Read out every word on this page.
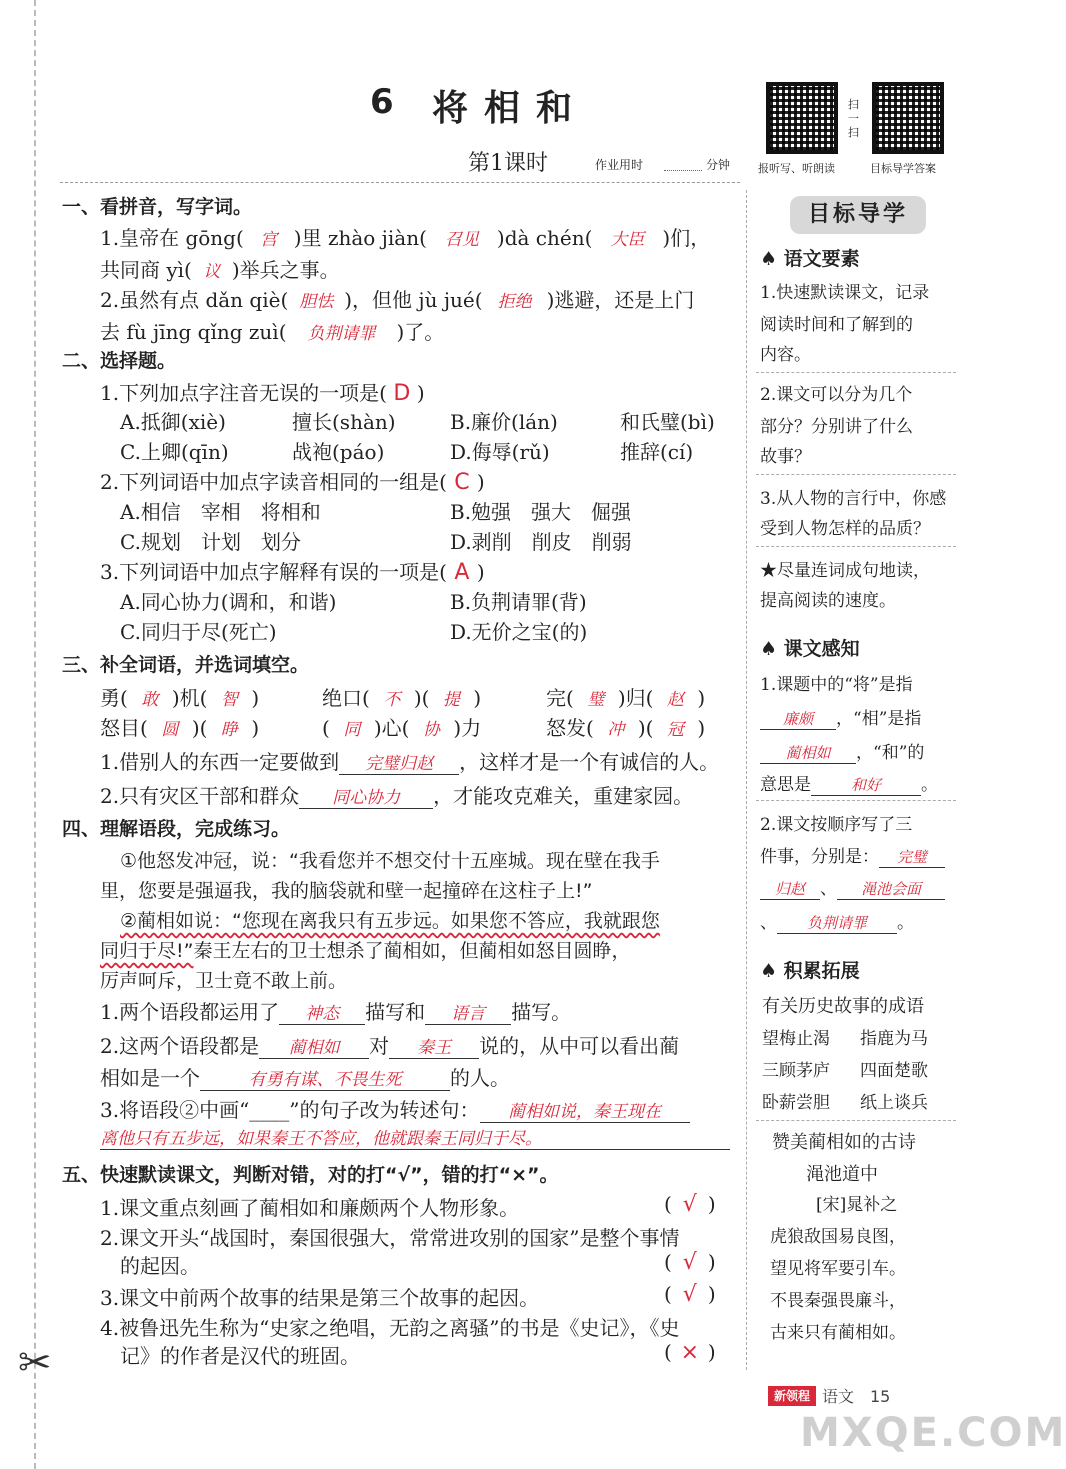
✂
6 将相和
第1课时	作业用时	分钟	报听写、听朗读
扫一扫
目标导学答案
一、看拼音，写字词。
1.皇帝在 gōng( 宫 )里 zhào jiàn( 召见 )dà chén( 大臣 )们，
共同商 yì( 议 )举兵之事。
2.虽然有点 dǎn qiè( 胆怯 )，但他 jù jué( 拒绝 )逃避，还是上门
去 fù jīng qǐng zuì( 负荆请罪 )了。
二、选择题。
1.下列加点字注音无误的一项是( D )
A.抵御(xiè)	擅长(shàn)	B.廉价(lán)	和氏璧(bì)
C.上卿(qīn)	战袍(páo)	D.侮辱(rǔ)	推辞(cí)
2.下列词语中加点字读音相同的一组是( C )
A.相信　宰相　将相和	B.勉强　强大　倔强
C.规划　计划　划分	D.剥削　削皮　削弱
3.下列词语中加点字解释有误的一项是( A )
A.同心协力(调和，和谐)	B.负荆请罪(背)
C.同归于尽(死亡)	D.无价之宝(的)
三、补全词语，并选词填空。
勇( 敢 )机( 智 )	绝口( 不 )( 提 )	完( 璧 )归( 赵 )
怒目( 圆 )( 睁 )	( 同 )心( 协 )力	怒发( 冲 )( 冠 )
1.借别人的东西一定要做到 完璧归赵 ，这样才是一个有诚信的人。
2.只有灾区干部和群众 同心协力 ，才能攻克难关，重建家园。
四、理解语段，完成练习。
①他怒发冲冠，说：“我看您并不想交付十五座城。现在壁在我手
里，您要是强逼我，我的脑袋就和壁一起撞碎在这柱子上!”
②蔺相如说：“您现在离我只有五步远。如果您不答应，我就跟您
同归于尽!”秦王左右的卫士想杀了蔺相如，但蔺相如怒目圆睁，
厉声呵斥，卫士竟不敢上前。
1.两个语段都运用了 神态 描写和 语言 描写。
2.这两个语段都是 蔺相如 对 秦王 说的，从中可以看出蔺
相如是一个	有勇有谋、不畏生死 的人。
3.将语段②中画“____”的句子改为转述句： 蔺相如说，秦王现在
离他只有五步远，如果秦王不答应，他就跟秦王同归于尽。
五、快速默读课文，判断对错，对的打“√”，错的打“×”。
1.课文重点刻画了蔺相如和廉颇两个人物形象。	( √ )
2.课文开头“战国时，秦国很强大，常常进攻别的国家”是整个事情
的起因。	( √ )
3.课文中前两个故事的结果是第三个故事的起因。	( √ )
4.被鲁迅先生称为“史家之绝唱，无韵之离骚”的书是《史记》，《史
记》的作者是汉代的班固。	( × )
目标导学
♠ 语文要素
1.快速默读课文，记录
阅读时间和了解到的
内容。
2.课文可以分为几个
部分？分别讲了什么
故事？
3.从人物的言行中，你感
受到人物怎样的品质？
★尽量连词成句地读，
提高阅读的速度。
♠ 课文感知
1.课题中的“将”是指
廉颇 ，“相”是指
蔺相如 ，“和”的
意思是	和好 。
2.课文按顺序写了三
件事，分别是： 完璧
归赵 、 渑池会面
、 负荆请罪 。
♠ 积累拓展
有关历史故事的成语
望梅止渴 指鹿为马
三顾茅庐 四面楚歌
卧薪尝胆 纸上谈兵
赞美蔺相如的古诗
渑池道中
[宋]晁补之
虎狼敌国易良图，
望见将军要引车。
不畏秦强畏廉斗，
古来只有蔺相如。
新领程 语文　15
MXQE.COM
